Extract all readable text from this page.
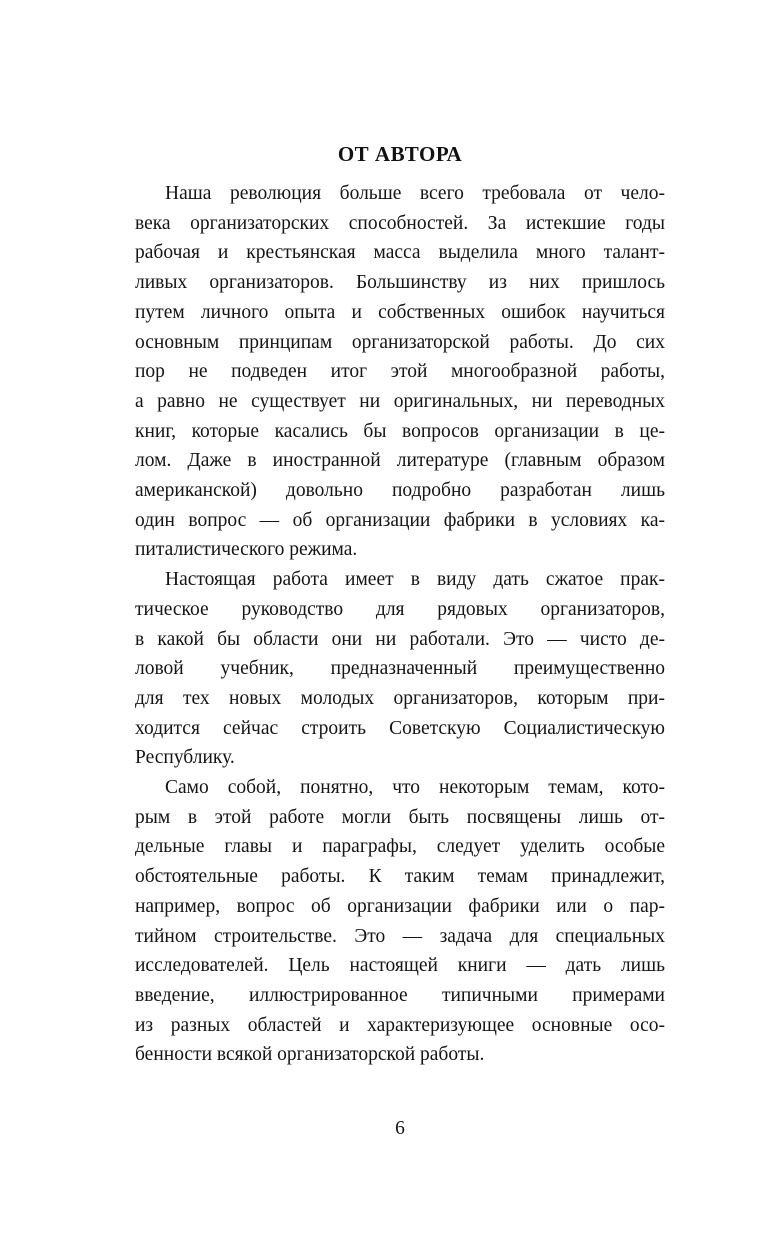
ОТ АВТОРА
Наша революция больше всего требовала от чело-
века организаторских способностей. За истекшие годы
рабочая и крестьянская масса выделила много талант-
ливых организаторов. Большинству из них пришлось
путем личного опыта и собственных ошибок научиться
основным принципам организаторской работы. До сих
пор не подведен итог этой многообразной работы,
а равно не существует ни оригинальных, ни переводных
книг, которые касались бы вопросов организации в це-
лом. Даже в иностранной литературе (главным образом
американской) довольно подробно разработан лишь
один вопрос — об организации фабрики в условиях ка-
питалистического режима.
Настоящая работа имеет в виду дать сжатое прак-
тическое руководство для рядовых организаторов,
в какой бы области они ни работали. Это — чисто де-
ловой учебник, предназначенный преимущественно
для тех новых молодых организаторов, которым при-
ходится сейчас строить Советскую Социалистическую
Республику.
Само собой, понятно, что некоторым темам, кото-
рым в этой работе могли быть посвящены лишь от-
дельные главы и параграфы, следует уделить особые
обстоятельные работы. К таким темам принадлежит,
например, вопрос об организации фабрики или о пар-
тийном строительстве. Это — задача для специальных
исследователей. Цель настоящей книги — дать лишь
введение, иллюстрированное типичными примерами
из разных областей и характеризующее основные осо-
бенности всякой организаторской работы.
6
